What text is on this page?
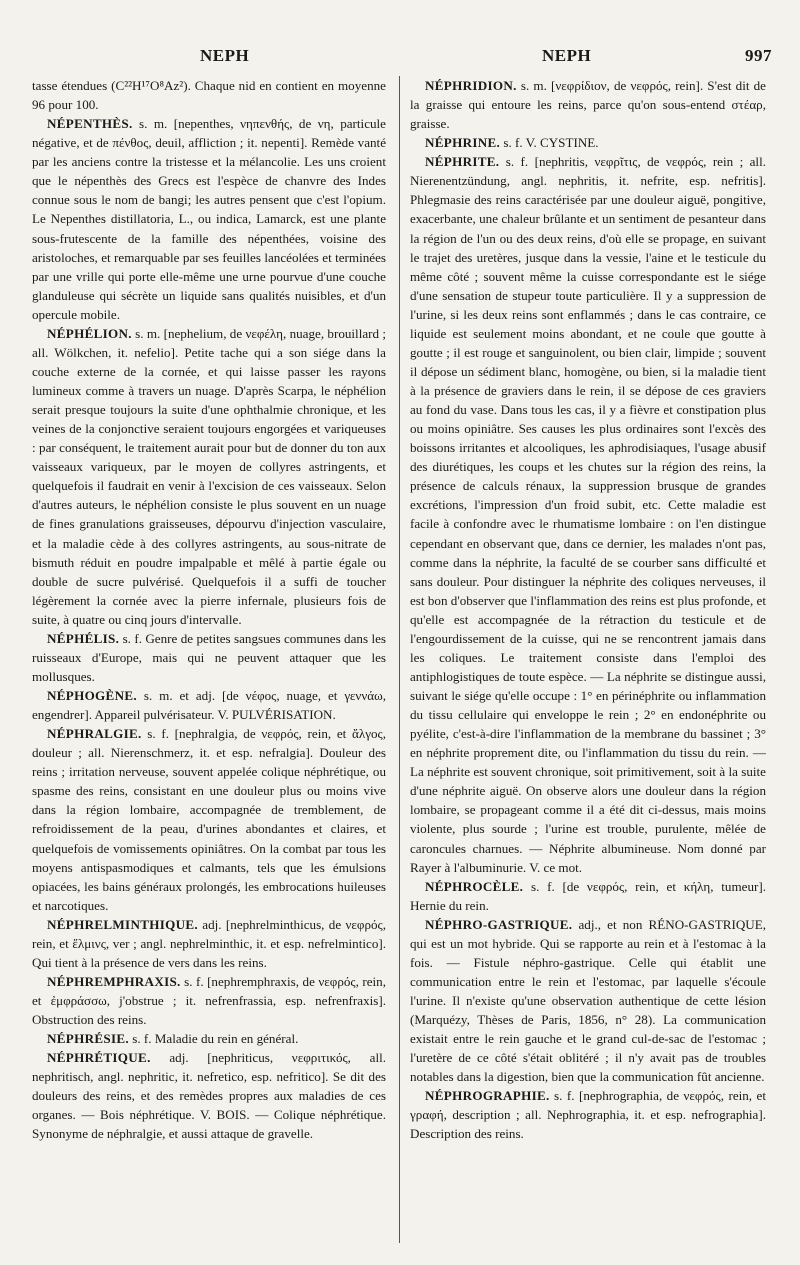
NEPH	NEPH	997

tasse étendues (C²²H¹⁷O⁸Az²). Chaque nid en contient en moyenne 96 pour 100.

NÉPENTHÈS. s. m. [nepenthes, νηπενθής, de νη, particule négative, et de πένθος, deuil, affliction ; it. nepenti]. Remède vanté par les anciens contre la tristesse et la mélancolie. Les uns croient que le népenthès des Grecs est l'espèce de chanvre des Indes connue sous le nom de bangi; les autres pensent que c'est l'opium. Le Nepenthes distillatoria, L., ou indica, Lamarck, est une plante sous-frutescente de la famille des népenthées, voisine des aristoloches, et remarquable par ses feuilles lancéolées et terminées par une vrille qui porte elle-même une urne pourvue d'une couche glanduleuse qui sécrète un liquide sans qualités nuisibles, et d'un opercule mobile.

NÉPHÉLION. s. m. [nephelium, de νεφέλη, nuage, brouillard ; all. Wölkchen, it. nefelio]. Petite tache qui a son siége dans la couche externe de la cornée, et qui laisse passer les rayons lumineux comme à travers un nuage. D'après Scarpa, le néphélion serait presque toujours la suite d'une ophthalmie chronique, et les veines de la conjonctive seraient toujours engorgées et variqueuses : par conséquent, le traitement aurait pour but de donner du ton aux vaisseaux variqueux, par le moyen de collyres astringents, et quelquefois il faudrait en venir à l'excision de ces vaisseaux. Selon d'autres auteurs, le néphélion consiste le plus souvent en un nuage de fines granulations graisseuses, dépourvu d'injection vasculaire, et la maladie cède à des collyres astringents, au sous-nitrate de bismuth réduit en poudre impalpable et mêlé à partie égale ou double de sucre pulvérisé. Quelquefois il a suffi de toucher légèrement la cornée avec la pierre infernale, plusieurs fois de suite, à quatre ou cinq jours d'intervalle.

NÉPHÉLIS. s. f. Genre de petites sangsues communes dans les ruisseaux d'Europe, mais qui ne peuvent attaquer que les mollusques.

NÉPHOGÈNE. s. m. et adj. [de νέφος, nuage, et γεννάω, engendrer]. Appareil pulvérisateur. V. PULVÉRISATION.

NÉPHRALGIE. s. f. [nephralgia, de νεφρός, rein, et ἄλγος, douleur ; all. Nierenschmerz, it. et esp. nefralgia]. Douleur des reins ; irritation nerveuse, souvent appelée colique néphrétique, ou spasme des reins, consistant en une douleur plus ou moins vive dans la région lombaire, accompagnée de tremblement, de refroidissement de la peau, d'urines abondantes et claires, et quelquefois de vomissements opiniâtres. On la combat par tous les moyens antispasmodiques et calmants, tels que les émulsions opiacées, les bains généraux prolongés, les embrocations huileuses et narcotiques.

NÉPHRELMINTHIQUE. adj. [nephrelminthicus, de νεφρός, rein, et ἕλμινς, ver ; angl. nephrelminthic, it. et esp. nefrelmintico]. Qui tient à la présence de vers dans les reins.

NÉPHREMPHRAXIS. s. f. [nephremphraxis, de νεφρός, rein, et ἐμφράσσω, j'obstrue ; it. nefrenfrassia, esp. nefrenfraxis]. Obstruction des reins.

NÉPHRÉSIE. s. f. Maladie du rein en général.

NÉPHRÉTIQUE. adj. [nephriticus, νεφριτικός, all. nephritisch, angl. nephritic, it. nefretico, esp. nefritico]. Se dit des douleurs des reins, et des remèdes propres aux maladies de ces organes. — Bois néphrétique. V. BOIS. — Colique néphrétique. Synonyme de néphralgie, et aussi attaque de gravelle.

NÉPHRIDION. s. m. [νεφρίδιον, de νεφρός, rein]. S'est dit de la graisse qui entoure les reins, parce qu'on sous-entend στέαρ, graisse.

NÉPHRINE. s. f. V. CYSTINE.

NÉPHRITE. s. f. [nephritis, νεφρῖτις, de νεφρός, rein ; all. Nierenentzündung, angl. nephritis, it. nefrite, esp. nefritis]. Phlegmasie des reins caractérisée par une douleur aiguë, pongitive, exacerbante, une chaleur brûlante et un sentiment de pesanteur dans la région de l'un ou des deux reins, d'où elle se propage, en suivant le trajet des uretères, jusque dans la vessie, l'aine et le testicule du même côté ; souvent même la cuisse correspondante est le siége d'une sensation de stupeur toute particulière. Il y a suppression de l'urine, si les deux reins sont enflammés ; dans le cas contraire, ce liquide est seulement moins abondant, et ne coule que goutte à goutte ; il est rouge et sanguinolent, ou bien clair, limpide ; souvent il dépose un sédiment blanc, homogène, ou bien, si la maladie tient à la présence de graviers dans le rein, il se dépose de ces graviers au fond du vase. Dans tous les cas, il y a fièvre et constipation plus ou moins opiniâtre. Ses causes les plus ordinaires sont l'excès des boissons irritantes et alcooliques, les aphrodisiaques, l'usage abusif des diurétiques, les coups et les chutes sur la région des reins, la présence de calculs rénaux, la suppression brusque de grandes excrétions, l'impression d'un froid subit, etc. Cette maladie est facile à confondre avec le rhumatisme lombaire : on l'en distingue cependant en observant que, dans ce dernier, les malades n'ont pas, comme dans la néphrite, la faculté de se courber sans difficulté et sans douleur. Pour distinguer la néphrite des coliques nerveuses, il est bon d'observer que l'inflammation des reins est plus profonde, et qu'elle est accompagnée de la rétraction du testicule et de l'engourdissement de la cuisse, qui ne se rencontrent jamais dans les coliques. Le traitement consiste dans l'emploi des antiphlogistiques de toute espèce. — La néphrite se distingue aussi, suivant le siége qu'elle occupe : 1° en périnéphrite ou inflammation du tissu cellulaire qui enveloppe le rein ; 2° en endonéphrite ou pyélite, c'est-à-dire l'inflammation de la membrane du bassinet ; 3° en néphrite proprement dite, ou l'inflammation du tissu du rein. — La néphrite est souvent chronique, soit primitivement, soit à la suite d'une néphrite aiguë. On observe alors une douleur dans la région lombaire, se propageant comme il a été dit ci-dessus, mais moins violente, plus sourde ; l'urine est trouble, purulente, mêlée de caroncules charnues. — Néphrite albumineuse. Nom donné par Rayer à l'albuminurie. V. ce mot.

NÉPHROCÈLE. s. f. [de νεφρός, rein, et κήλη, tumeur]. Hernie du rein.

NÉPHRO-GASTRIQUE. adj., et non RÉNO-GASTRIQUE, qui est un mot hybride. Qui se rapporte au rein et à l'estomac à la fois. — Fistule néphro-gastrique. Celle qui établit une communication entre le rein et l'estomac, par laquelle s'écoule l'urine. Il n'existe qu'une observation authentique de cette lésion (Marquézy, Thèses de Paris, 1856, n° 28). La communication existait entre le rein gauche et le grand cul-de-sac de l'estomac ; l'uretère de ce côté s'était oblitéré ; il n'y avait pas de troubles notables dans la digestion, bien que la communication fût ancienne.

NÉPHROGRAPHIE. s. f. [nephrographia, de νεφρός, rein, et γραφή, description ; all. Nephrographia, it. et esp. nefrographia]. Description des reins.
